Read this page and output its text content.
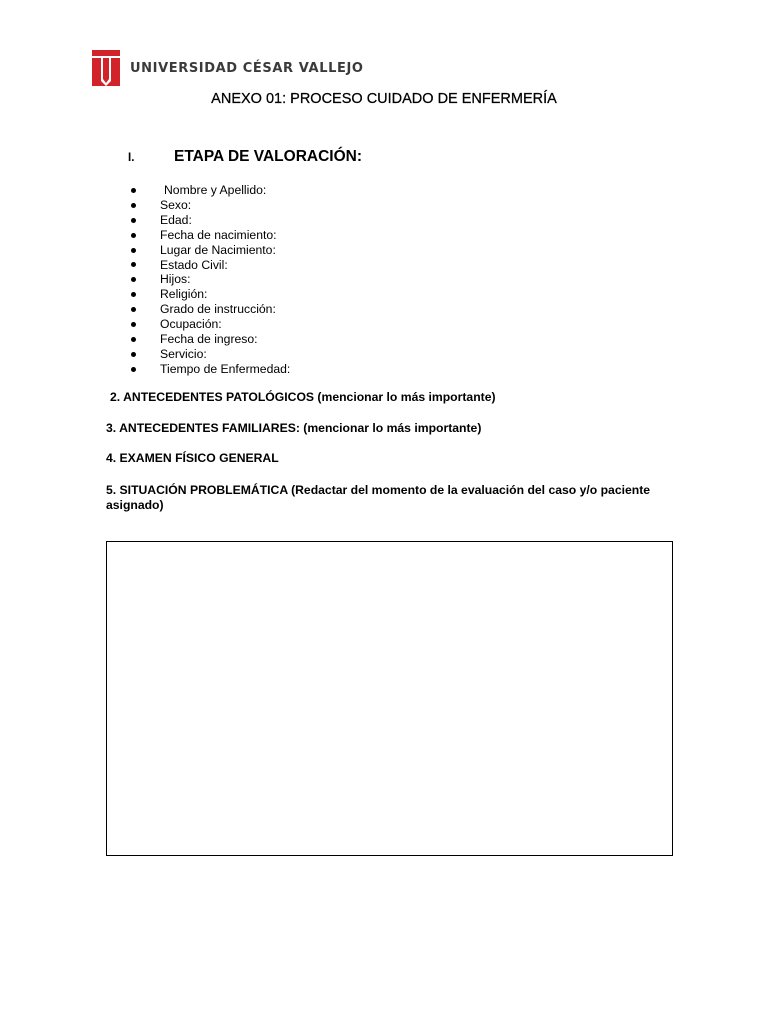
UNIVERSIDAD CÉSAR VALLEJO
ANEXO 01: PROCESO CUIDADO DE ENFERMERÍA
I.	ETAPA DE VALORACIÓN:
Nombre y Apellido:
Sexo:
Edad:
Fecha de nacimiento:
Lugar de Nacimiento:
Estado Civil:
Hijos:
Religión:
Grado de instrucción:
Ocupación:
Fecha de ingreso:
Servicio:
Tiempo de Enfermedad:

2. ANTECEDENTES PATOLÓGICOS (mencionar lo más importante)

3. ANTECEDENTES FAMILIARES: (mencionar lo más importante)

4. EXAMEN FÍSICO GENERAL

5. SITUACIÓN PROBLEMÁTICA (Redactar del momento de la evaluación del caso y/o paciente asignado)
